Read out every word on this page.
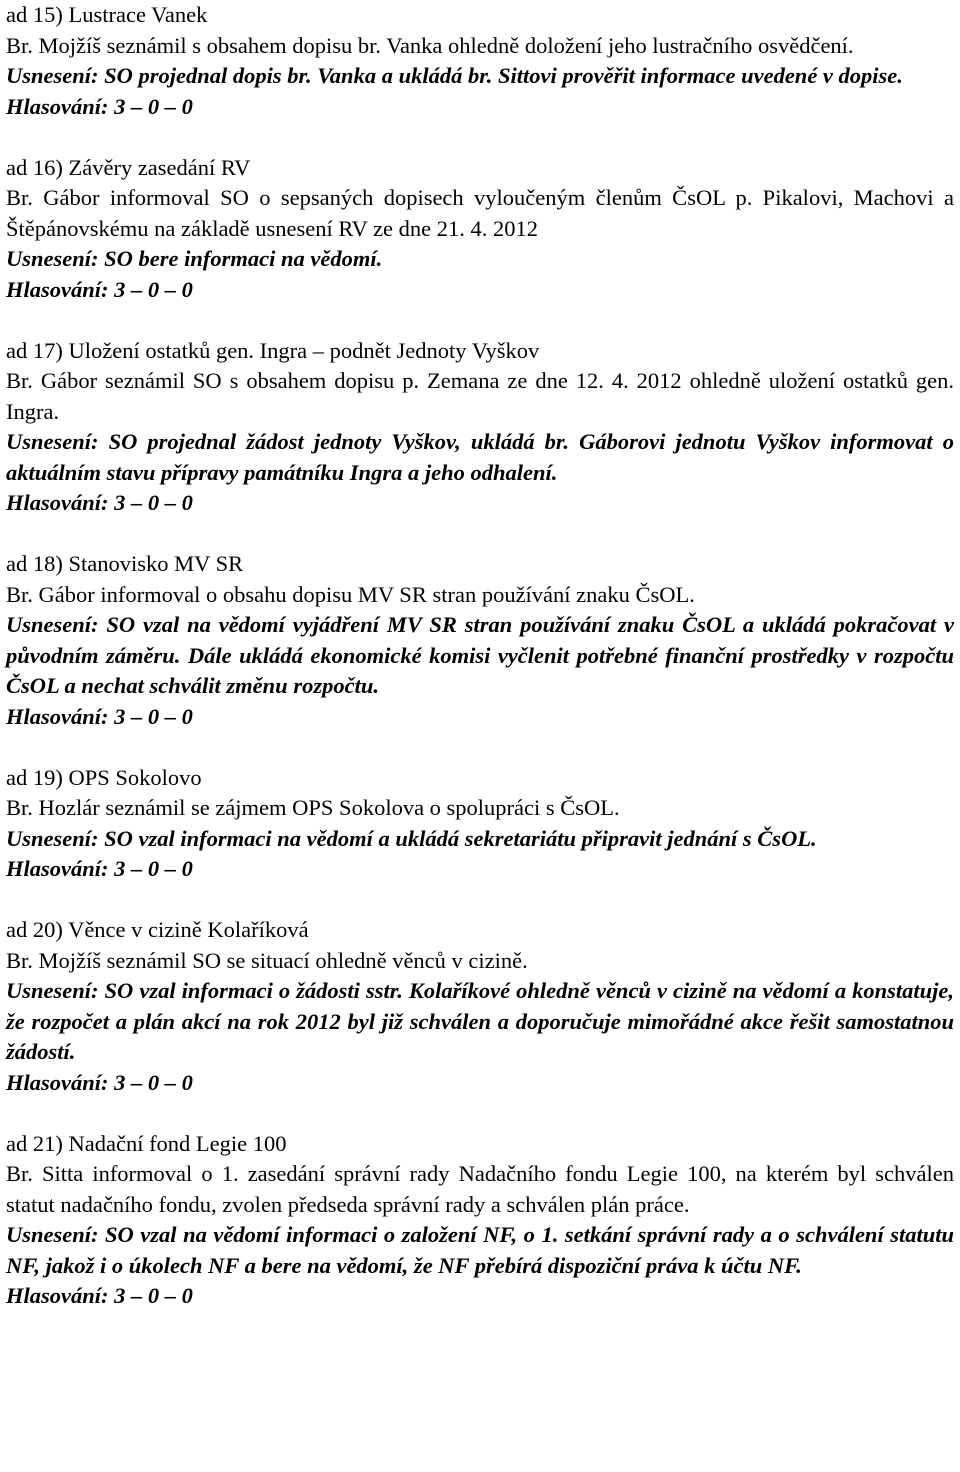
ad 15) Lustrace Vanek

Br. Mojžíš seznámil s obsahem dopisu br. Vanka ohledně doložení jeho lustračního osvědčení.

Usnesení: SO projednal dopis br. Vanka a ukládá br. Sittovi prověřit informace uvedené v dopise.

Hlasování: 3 – 0 – 0

ad 16) Závěry zasedání RV

Br. Gábor informoval SO o sepsaných dopisech vyloučeným členům ČsOL p. Pikalovi, Machovi a Štěpánovskému na základě usnesení RV ze dne 21. 4. 2012

Usnesení: SO bere informaci na vědomí.

Hlasování: 3 – 0 – 0

ad 17) Uložení ostatků gen. Ingra – podnět Jednoty Vyškov

Br. Gábor seznámil SO s obsahem dopisu p. Zemana ze dne 12. 4. 2012 ohledně uložení ostatků gen. Ingra.

Usnesení: SO projednal žádost jednoty Vyškov, ukládá br. Gáborovi jednotu Vyškov informovat o aktuálním stavu přípravy památníku Ingra a jeho odhalení.

Hlasování: 3 – 0 – 0

ad 18) Stanovisko MV SR

Br. Gábor informoval o obsahu dopisu MV SR stran používání znaku ČsOL.

Usnesení: SO vzal na vědomí vyjádření MV SR stran používání znaku ČsOL a ukládá pokračovat v původním záměru. Dále ukládá ekonomické komisi vyčlenit potřebné finanční prostředky v rozpočtu ČsOL a nechat schválit změnu rozpočtu.

Hlasování: 3 – 0 – 0

ad 19) OPS Sokolovo

Br. Hozlár seznámil se zájmem OPS Sokolova o spolupráci s ČsOL.

Usnesení: SO vzal informaci na vědomí a ukládá sekretariátu připravit jednání s ČsOL.

Hlasování: 3 – 0 – 0

ad 20) Věnce v cizině Kolaříková

Br. Mojžíš seznámil SO se situací ohledně věnců v cizině.

Usnesení: SO vzal informaci o žádosti sstr. Kolaříkové ohledně věnců v cizině na vědomí a konstatuje, že rozpočet a plán akcí na rok 2012 byl již schválen a doporučuje mimořádné akce řešit samostatnou žádostí.

Hlasování: 3 – 0 – 0

ad 21) Nadační fond Legie 100

Br. Sitta informoval o 1. zasedání správní rady Nadačního fondu Legie 100, na kterém byl schválen statut nadačního fondu, zvolen předseda správní rady a schválen plán práce.

Usnesení: SO vzal na vědomí informaci o založení NF, o 1. setkání správní rady a o schválení statutu NF, jakož i o úkolech NF a bere na vědomí, že NF přebírá dispoziční práva k účtu NF.

Hlasování: 3 – 0 – 0
